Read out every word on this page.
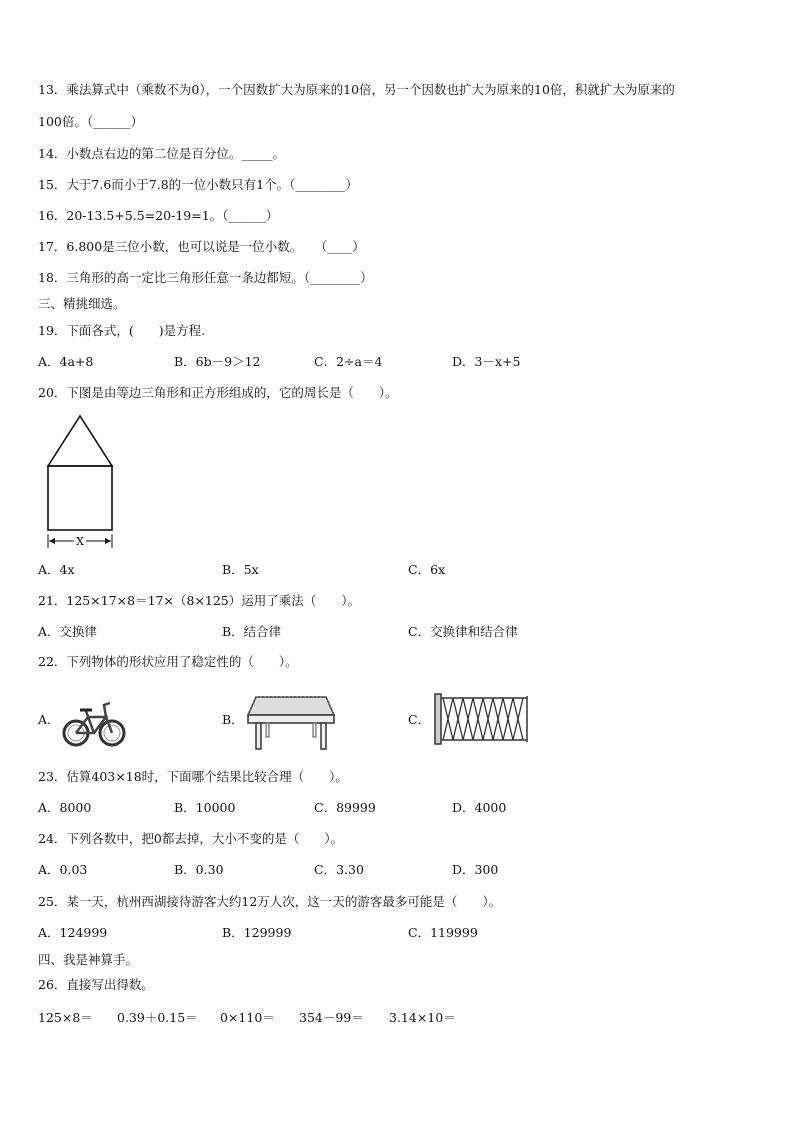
13．乘法算式中（乘数不为0），一个因数扩大为原来的10倍，另一个因数也扩大为原来的10倍，积就扩大为原来的
100倍。（______）
14．小数点右边的第二位是百分位。_____。
15．大于7.6而小于7.8的一位小数只有1个。（________）
16．20-13.5+5.5=20-19=1。（______）
17．6.800是三位小数，也可以说是一位小数。　　（____）
18．三角形的高一定比三角形任意一条边都短。（________）
三、精挑细选。
19．下面各式，(　　)是方程.
A．4a+8	B．6b－9＞12	C．2÷a＝4	D．3－x+5
20．下图是由等边三角形和正方形组成的，它的周长是（　　）。
X
A．4x	B．5x	C．6x
21．125×17×8＝17×（8×125）运用了乘法（　　）。
A．交换律	B．结合律	C．交换律和结合律
22．下列物体的形状应用了稳定性的（　　）。
A．	B．	C．
23．估算403×18时，下面哪个结果比较合理（　　）。
A．8000	B．10000	C．89999	D．4000
24．下列各数中，把0都去掉，大小不变的是（　　）。
A．0.03	B．0.30	C．3.30	D．300
25．某一天，杭州西湖接待游客大约12万人次，这一天的游客最多可能是（　　）。
A．124999	B．129999	C．119999
四、我是神算手。
26．直接写出得数。
125×8＝ 0.39＋0.15＝ 0×110＝ 354－99＝ 3.14×10＝
